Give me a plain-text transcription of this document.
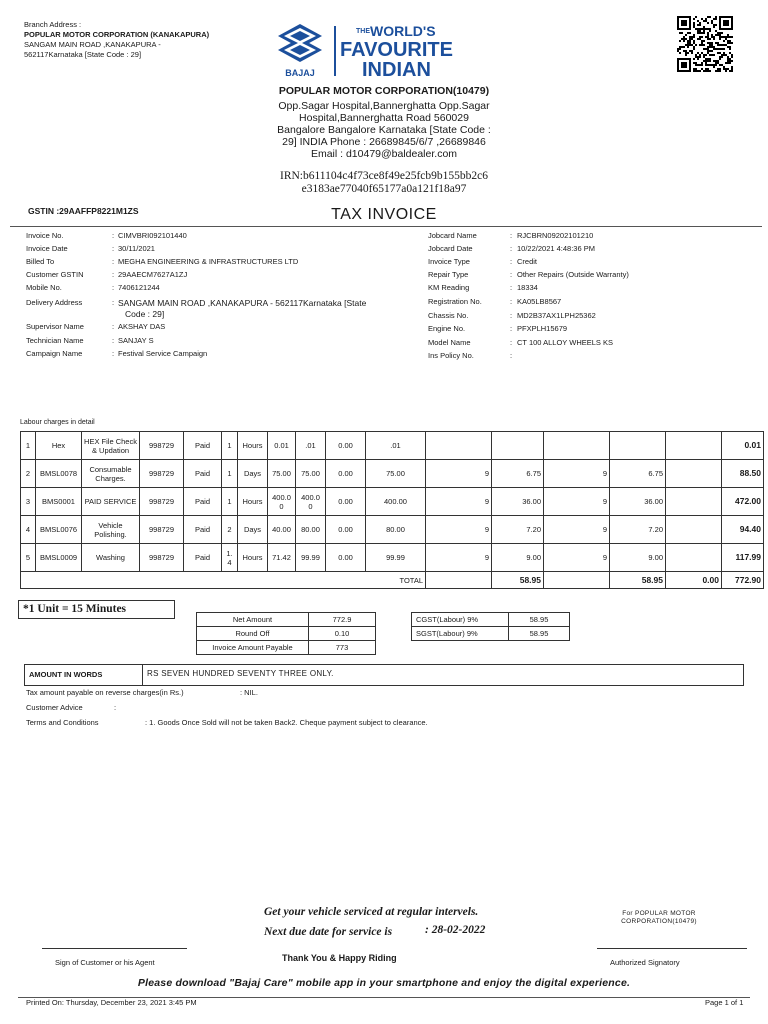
Branch Address :
POPULAR MOTOR CORPORATION (KANAKAPURA)
SANGAM MAIN ROAD ,KANAKAPURA -
562117Karnataka [State Code : 29]
BAJAJ
THE WORLD'S
FAVOURITE
INDIAN
POPULAR MOTOR CORPORATION(10479)
Opp.Sagar Hospital,Bannerghatta Opp.Sagar
Hospital,Bannerghatta Road 560029
Bangalore Bangalore Karnataka [State Code :
29] INDIA Phone : 26689845/6/7 ,26689846
Email : d10479@baldealer.com
IRN:b611104c4f73ce8f49e25fcb9b155bb2c6
e3183ae77040f65177a0a121f18a97
GSTIN :29AAFFP8221M1ZS	TAX INVOICE
Invoice No.	: CIMVBRI092101440
Invoice Date	: 30/11/2021
Billed To	: MEGHA ENGINEERING & INFRASTRUCTURES LTD
Customer GSTIN	: 29AAECM7627A1ZJ
Mobile No.	: 7406121244
Delivery Address	: SANGAM MAIN ROAD ,KANAKAPURA - 562117Karnataka [State
Code : 29]
Supervisor Name	: AKSHAY DAS
Technician Name	: SANJAY S
Campaign Name	: Festival Service Campaign
Jobcard Name	: RJCBRN09202101210
Jobcard Date	: 10/22/2021 4:48:36 PM
Invoice Type	: Credit
Repair Type	: Other Repairs (Outside Warranty)
KM Reading	: 18334
Registration No.	: KA05LB8567
Chassis No.	: MD2B37AX1LPH25362
Engine No.	: PFXPLH15679
Model Name	: CT 100 ALLOY WHEELS KS
Ins Policy No.	:
Labour charges in detail
1	Hex	HEX File Check & Updation	998729	Paid	1	Hours	0.01	.01	0.00	.01						0.01
2	BMSL0078	Consumable Charges.	998729	Paid	1	Days	75.00	75.00	0.00	75.00	9	6.75	9	6.75		88.50
3	BMS0001	PAID SERVICE	998729	Paid	1	Hours	400.0 0	400.0 0	0.00	400.00	9	36.00	9	36.00		472.00
4	BMSL0076	Vehicle Polishing.	998729	Paid	2	Days	40.00	80.00	0.00	80.00	9	7.20	9	7.20		94.40
5	BMSL0009	Washing	998729	Paid	1. 4	Hours	71.42	99.99	0.00	99.99	9	9.00	9	9.00		117.99
TOTAL												58.95		58.95	0.00	772.90
*1 Unit = 15 Minutes
Net Amount	772.9
Round Off	0.10
Invoice Amount Payable	773
CGST(Labour) 9%	58.95
SGST(Labour) 9%	58.95
AMOUNT IN WORDS	RS SEVEN HUNDRED SEVENTY THREE ONLY.
Tax amount payable on reverse charges(in Rs.)	: NIL.
Customer Advice	:
Terms and Conditions	: 1. Goods Once Sold will not be taken Back2. Cheque payment subject to clearance.
Get your vehicle serviced at regular intervels.
Next due date for service is	: 28-02-2022
For POPULAR MOTOR
CORPORATION(10479)
Sign of Customer or his Agent	Thank You & Happy Riding	Authorized Signatory
Please download "Bajaj Care" mobile app in your smartphone and enjoy the digital experience.
Printed On: Thursday, December 23, 2021 3:45 PM	Page 1 of 1
